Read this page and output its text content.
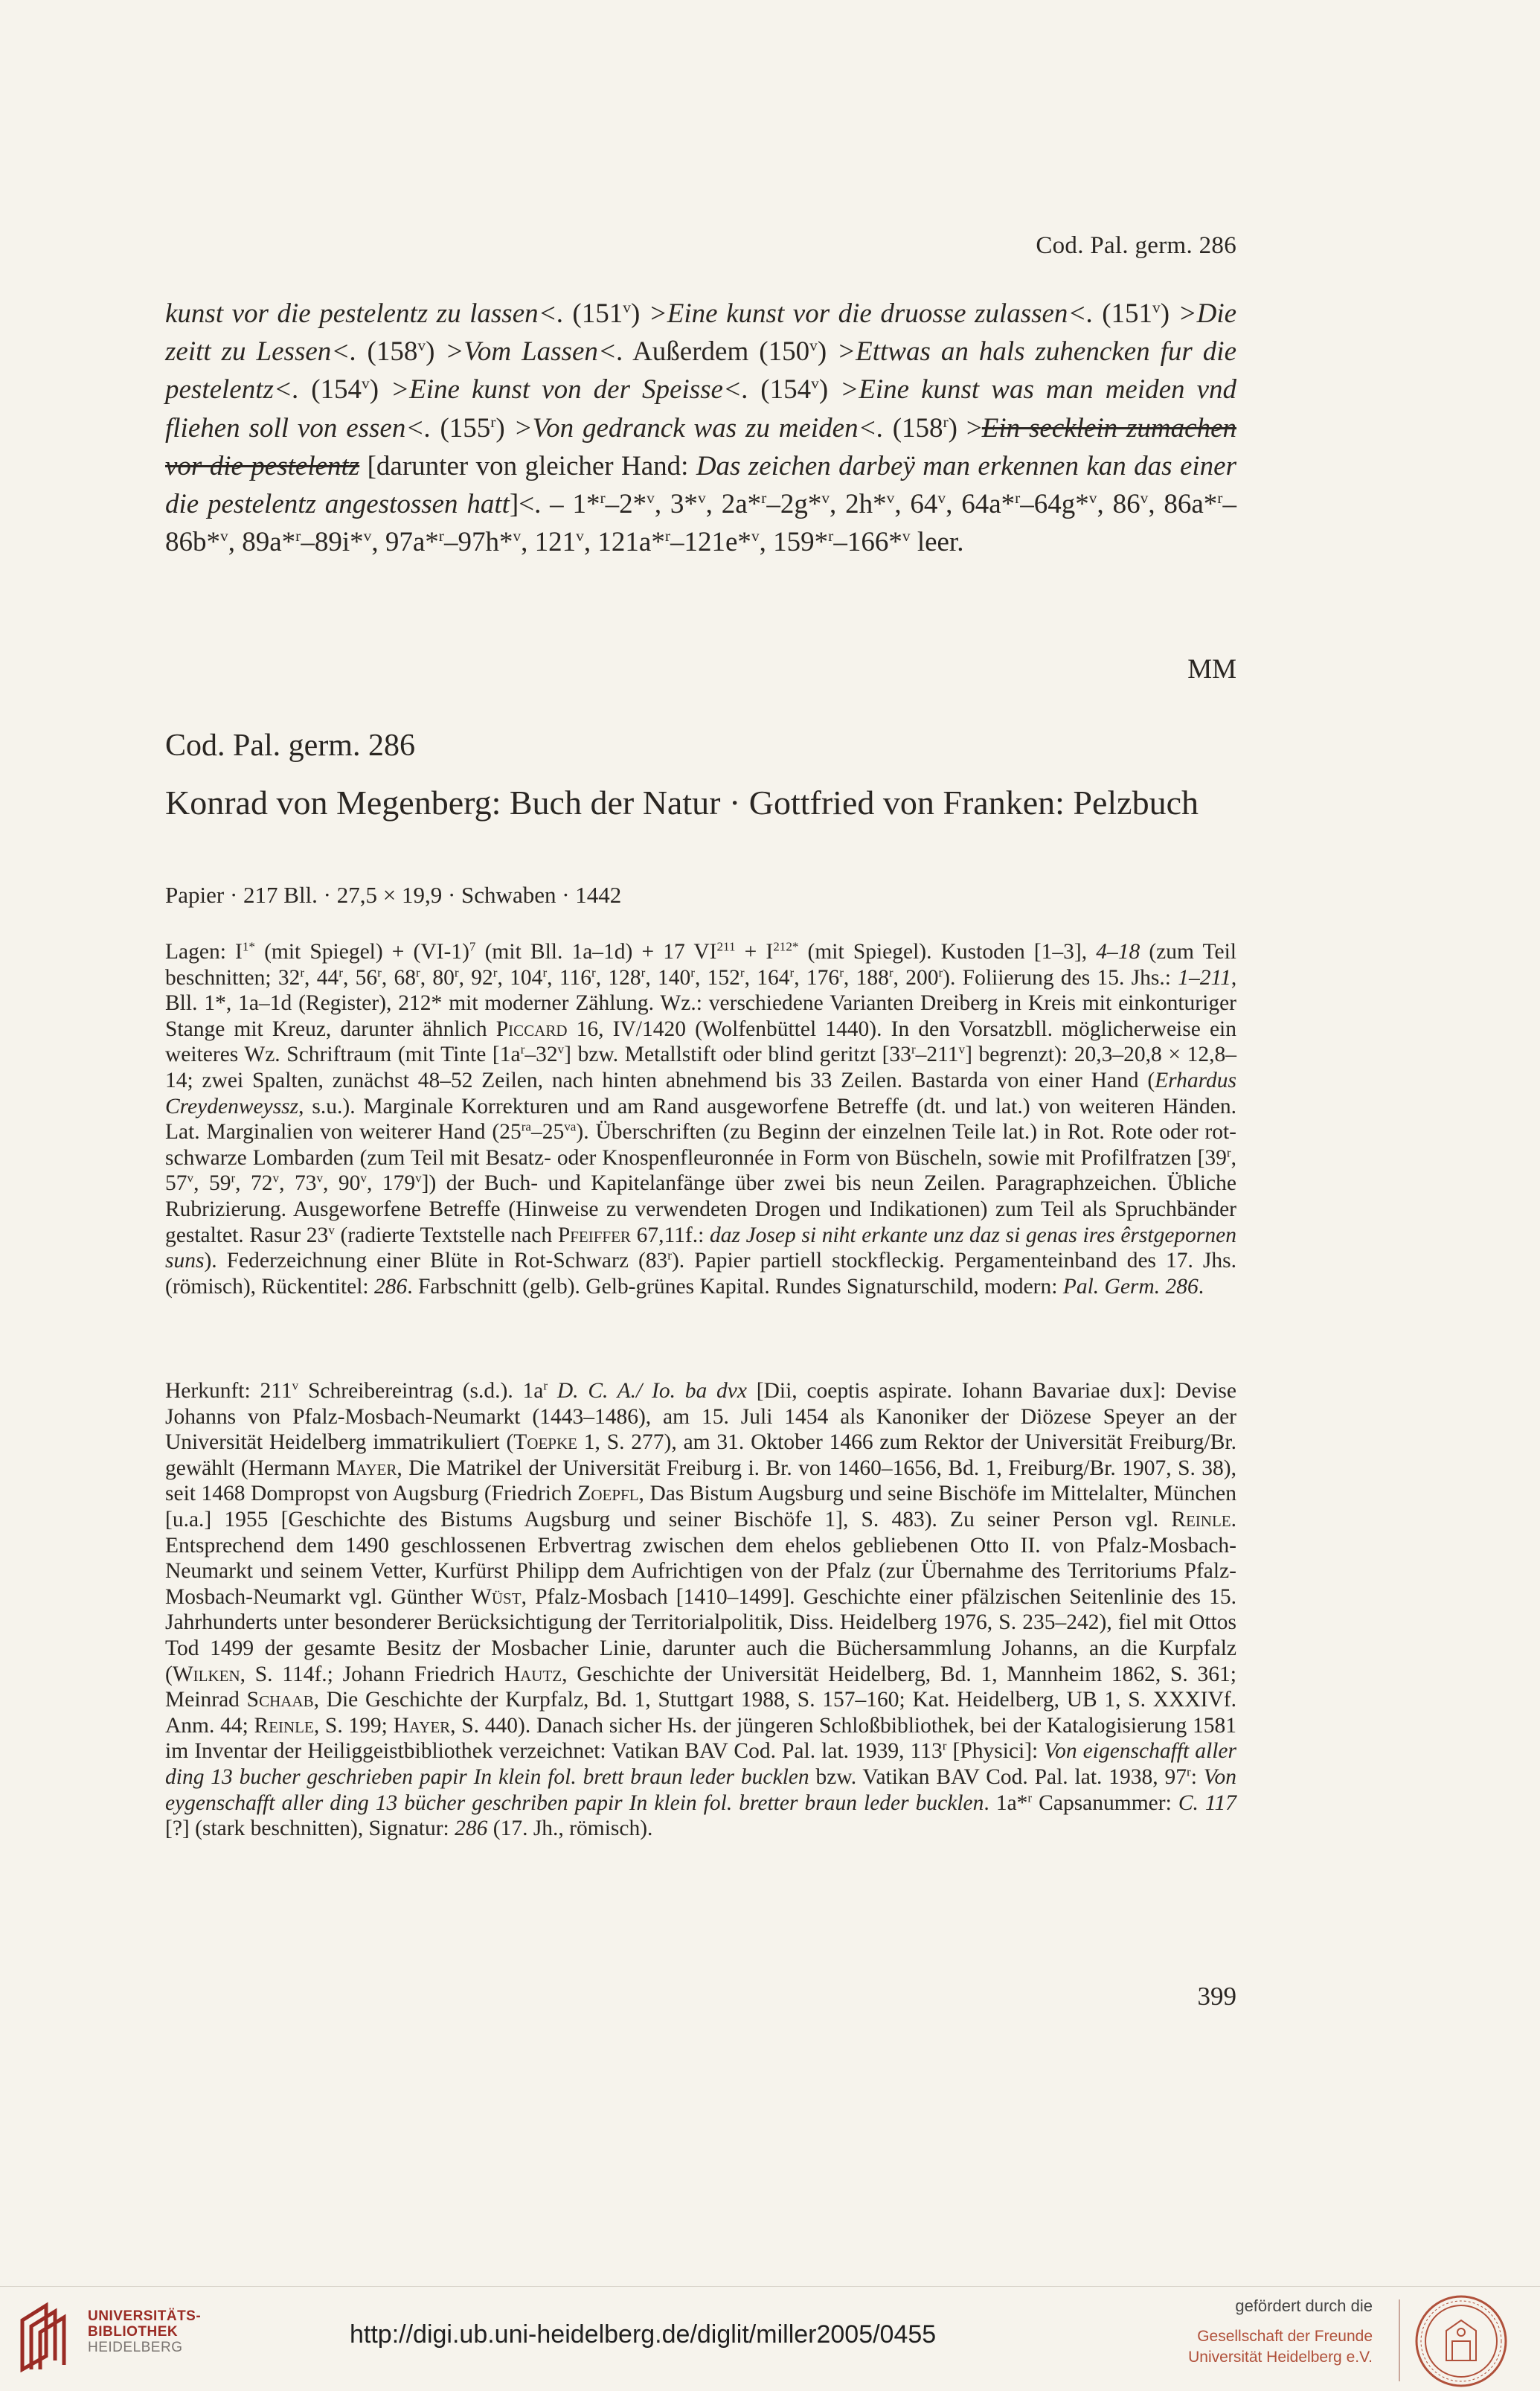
Cod. Pal. germ. 286
kunst vor die pestelentz zu lassen<. $(151^v)$ >Eine kunst vor die druosse zulassen<. $(151^v) >Die$ zeitt zu Lessen<. $(158^v) >Vom$ Lassen<. Außerdem $(150^v)$ >Ettwas an hals zuhencken fur die pestelentz<. $(154^v)$ >Eine kunst von der Speisse<. $(154^v)$ >Eine kunst was man meiden vnd fliehen soll von essen<. $(155^r) >Von$ gedranck was zu meiden<. $(158^r) >Ein$ secklein zumachen vor die pestelentz [darunter von gleicher Hand: Das zeichen darbeÿ man erkennen kan das einer die pestelentz angestossen hatt]<. – 1*$^r$–2*$^v$, 3*$^v$, 2a*$^r$–2g*$^v$, 2h*$^v$, 64$^v$, 64a*$^r$–64g*$^v$, 86$^v$, 86a*$^r$–86b*$^v$, 89a*$^r$–89i*$^v$, 97a*$^r$–97h*$^v$, 121$^v$, 121a*$^r$–121e*$^v$, 159*$^r$–166*$^v$ leer.
MM
Cod. Pal. germ. 286
Konrad von Megenberg: Buch der Natur · Gottfried von Franken: Pelzbuch
Papier · 217 Bll. · 27,5 × 19,9 · Schwaben · 1442
Lagen: $I^{1*}$ (mit Spiegel) + $(VI-1)^7$ (mit Bll. 1a–1d) + 17 $VI^{211} + I^{212*}$ (mit Spiegel). Kustoden [1–3], 4–18 (zum Teil beschnitten; 32$^r$, 44$^r$, 56$^r$, 68$^r$, 80$^r$, 92$^r$, 104$^r$, 116$^r$, 128$^r$, 140$^r$, 152$^r$, 164$^r$, 176$^r$, 188$^r$, 200$^r$). Foliierung des 15. Jhs.: 1–211, Bll. 1*, 1a–1d (Register), 212* mit moderner Zählung. Wz.: verschiedene Varianten Dreiberg in Kreis mit einkonturiger Stange mit Kreuz, darunter ähnlich Piccard 16, IV/1420 (Wolfenbüttel 1440). In den Vorsatzbll. möglicherweise ein weiteres Wz. Schriftraum (mit Tinte $[1a^r-32^v]$ bzw. Metallstift oder blind geritzt [33$^r$–211$^v$] begrenzt): 20,3–20,8 × 12,8–14; zwei Spalten, zunächst 48–52 Zeilen, nach hinten abnehmend bis 33 Zeilen. Bastarda von einer Hand (Erhardus Creydenweyssz, s.u.). Marginale Korrekturen und am Rand ausgeworfene Betreffe (dt. und lat.) von weiteren Händen. Lat. Marginalien von weiterer Hand $(25^{ra}-25^{va})$. Überschriften (zu Beginn der einzelnen Teile lat.) in Rot. Rote oder rot-schwarze Lombarden (zum Teil mit Besatz- oder Knospenfleuronnée in Form von Büscheln, sowie mit Profilfratzen [39$^r$, 57$^v$, 59$^r$, 72$^v$, 73$^v$, 90$^v$, 179$^v$]) der Buch- und Kapitelanfänge über zwei bis neun Zeilen. Paragraphzeichen. Übliche Rubrizierung. Ausgeworfene Betreffe (Hinweise zu verwendeten Drogen und Indikationen) zum Teil als Spruchbänder gestaltet. Rasur 23$^v$ (radierte Textstelle nach Pfeiffer 67,11f.: daz Josep si niht erkante unz daz si genas ires êrstgepornen suns). Federzeichnung einer Blüte in Rot-Schwarz (83$^r$). Papier partiell stockfleckig. Pergamenteinband des 17. Jhs. (römisch), Rückentitel: 286. Farbschnitt (gelb). Gelb-grünes Kapital. Rundes Signaturschild, modern: Pal. Germ. 286.
Herkunft: 211$^v$ Schreibereintrag (s.d.). $1a^r$ D. C. A./ Io. ba dvx [Dii, coeptis aspirate. Iohann Bavariae dux]: Devise Johanns von Pfalz-Mosbach-Neumarkt (1443–1486), am 15. Juli 1454 als Kanoniker der Diözese Speyer an der Universität Heidelberg immatrikuliert (Toepke 1, S. 277), am 31. Oktober 1466 zum Rektor der Universität Freiburg/Br. gewählt (Hermann Mayer, Die Matrikel der Universität Freiburg i. Br. von 1460–1656, Bd. 1, Freiburg/Br. 1907, S. 38), seit 1468 Dompropst von Augsburg (Friedrich Zoepfl, Das Bistum Augsburg und seine Bischöfe im Mittelalter, München [u.a.] 1955 [Geschichte des Bistums Augsburg und seiner Bischöfe 1], S. 483). Zu seiner Person vgl. Reinle. Entsprechend dem 1490 geschlossenen Erbvertrag zwischen dem ehelos gebliebenen Otto II. von Pfalz-Mosbach-Neumarkt und seinem Vetter, Kurfürst Philipp dem Aufrichtigen von der Pfalz (zur Übernahme des Territoriums Pfalz-Mosbach-Neumarkt vgl. Günther Wüst, Pfalz-Mosbach [1410–1499]. Geschichte einer pfälzischen Seitenlinie des 15. Jahrhunderts unter besonderer Berücksichtigung der Territorialpolitik, Diss. Heidelberg 1976, S. 235–242), fiel mit Ottos Tod 1499 der gesamte Besitz der Mosbacher Linie, darunter auch die Büchersammlung Johanns, an die Kurpfalz (Wilken, S. 114f.; Johann Friedrich Hautz, Geschichte der Universität Heidelberg, Bd. 1, Mannheim 1862, S. 361; Meinrad Schaab, Die Geschichte der Kurpfalz, Bd. 1, Stuttgart 1988, S. 157–160; Kat. Heidelberg, UB 1, S. XXXIVf. Anm. 44; Reinle, S. 199; Hayer, S. 440). Danach sicher Hs. der jüngeren Schloßbibliothek, bei der Katalogisierung 1581 im Inventar der Heiliggeistbibliothek verzeichnet: Vatikan BAV Cod. Pal. lat. 1939, 113$^r$ [Physici]: Von eigenschafft aller ding 13 bucher geschrieben papir In klein fol. brett braun leder bucklen bzw. Vatikan BAV Cod. Pal. lat. 1938, 97$^r$: Von eygenschafft aller ding 13 bücher geschriben papir In klein fol. bretter braun leder bucklen. 1a*$^r$ Capsanummer: C. 117 [?] (stark beschnitten), Signatur: 286 (17. Jh., römisch).
399
UNIVERSITÄTS-
BIBLIOTHEK
HEIDELBERG	http://digi.ub.uni-heidelberg.de/diglit/miller2005/0455
gefördert durch die
Gesellschaft der Freunde
Universität Heidelberg e.V.
